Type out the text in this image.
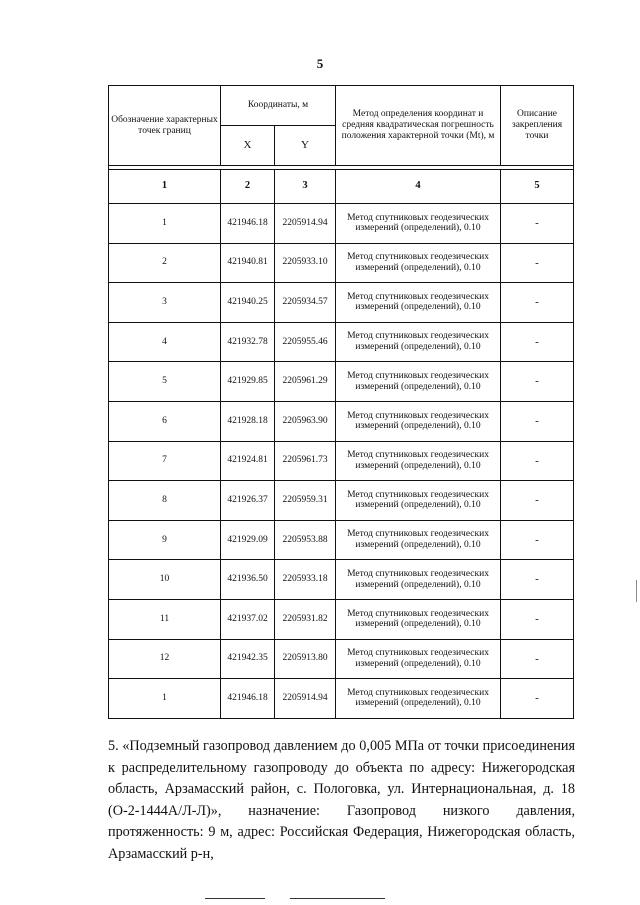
5
Обозначение характерных точек границ	Координаты, м		Метод определения координат и средняя квадратическая погрешность положения характерной точки (Mt), м	Описание закрепления точки
	X	Y		

1	2	3	4	5
1	421946.18	2205914.94	Метод спутниковых геодезических измерений (определений), 0.10	-
2	421940.81	2205933.10	Метод спутниковых геодезических измерений (определений), 0.10	-
3	421940.25	2205934.57	Метод спутниковых геодезических измерений (определений), 0.10	-
4	421932.78	2205955.46	Метод спутниковых геодезических измерений (определений), 0.10	-
5	421929.85	2205961.29	Метод спутниковых геодезических измерений (определений), 0.10	-
6	421928.18	2205963.90	Метод спутниковых геодезических измерений (определений), 0.10	-
7	421924.81	2205961.73	Метод спутниковых геодезических измерений (определений), 0.10	-
8	421926.37	2205959.31	Метод спутниковых геодезических измерений (определений), 0.10	-
9	421929.09	2205953.88	Метод спутниковых геодезических измерений (определений), 0.10	-
10	421936.50	2205933.18	Метод спутниковых геодезических измерений (определений), 0.10	-
11	421937.02	2205931.82	Метод спутниковых геодезических измерений (определений), 0.10	-
12	421942.35	2205913.80	Метод спутниковых геодезических измерений (определений), 0.10	-
1	421946.18	2205914.94	Метод спутниковых геодезических измерений (определений), 0.10	-

5. «Подземный газопровод давлением до 0,005 МПа от точки присоединения к распределительному газопроводу до объекта по адресу: Нижегородская область, Арзамасский район, с. Пологовка, ул. Интернациональная, д. 18 (О-2-1444А/Л-Л)», назначение: Газопровод низкого давления, протяженность: 9 м, адрес: Российская Федерация, Нижегородская область, Арзамасский р-н,
